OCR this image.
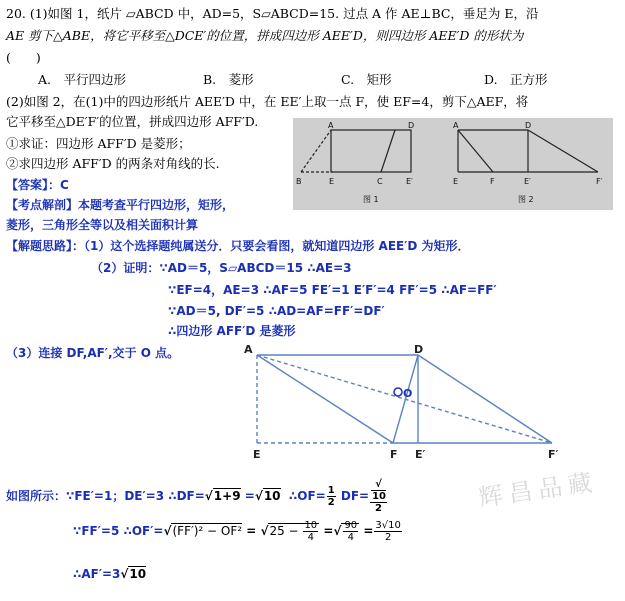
20. (1)如图 1，纸片 ▱ABCD 中，AD=5，S▱ABCD=15. 过点 A 作 AE⊥BC，垂足为 E，沿
AE 剪下△ABE，将它平移至△DCE′的位置，拼成四边形 AEE′D，则四边形 AEE′D 的形状为
(　　)
A.　平行四边形	B.　菱形	C.　矩形	D.　正方形
(2)如图 2，在(1)中的四边形纸片 AEE′D 中，在 EE′上取一点 F，使 EF=4，剪下△AEF，将
它平移至△DE′F′的位置，拼成四边形 AFF′D.
①求证：四边形 AFF′D 是菱形；
②求四边形 AFF′D 的两条对角线的长.
A	D
B	E	C	E′
A	D
E	F	E′	F′
图 1	图 2
【答案】：C
【考点解剖】本题考查平行四边形，矩形，
菱形，三角形全等以及相关面积计算
【解题思路】：（1）这个选择题纯属送分．只要会看图，就知道四边形 AEE′D 为矩形．
（2）证明：∵AD＝5，S▱ABCD＝15 ∴AE=3
∵EF=4，AE=3 ∴AF=5 FE′=1 E′F′=4 FF′=5 ∴AF=FF′
∵AD＝5, DF′=5 ∴AD=AF=FF′=DF′
∴四边形 AFF′D 是菱形
（3）连接 DF,AF′,交于 O 点。	A	D
O
E	F E′	F′
如图所示：∵FE′=1；DE′=3 ∴DF=√1+9 =√10 ∴OF= $\frac{1}{2} DF=$ √
10
2
∵FF′=5 ∴OF′=√(FF′)² − $OF^2 = √25 - \frac{10}{4}$ =√ $\frac{90}{4} = \frac{3√10}{2}$
∴AF′=3√10
辉昌品藏
